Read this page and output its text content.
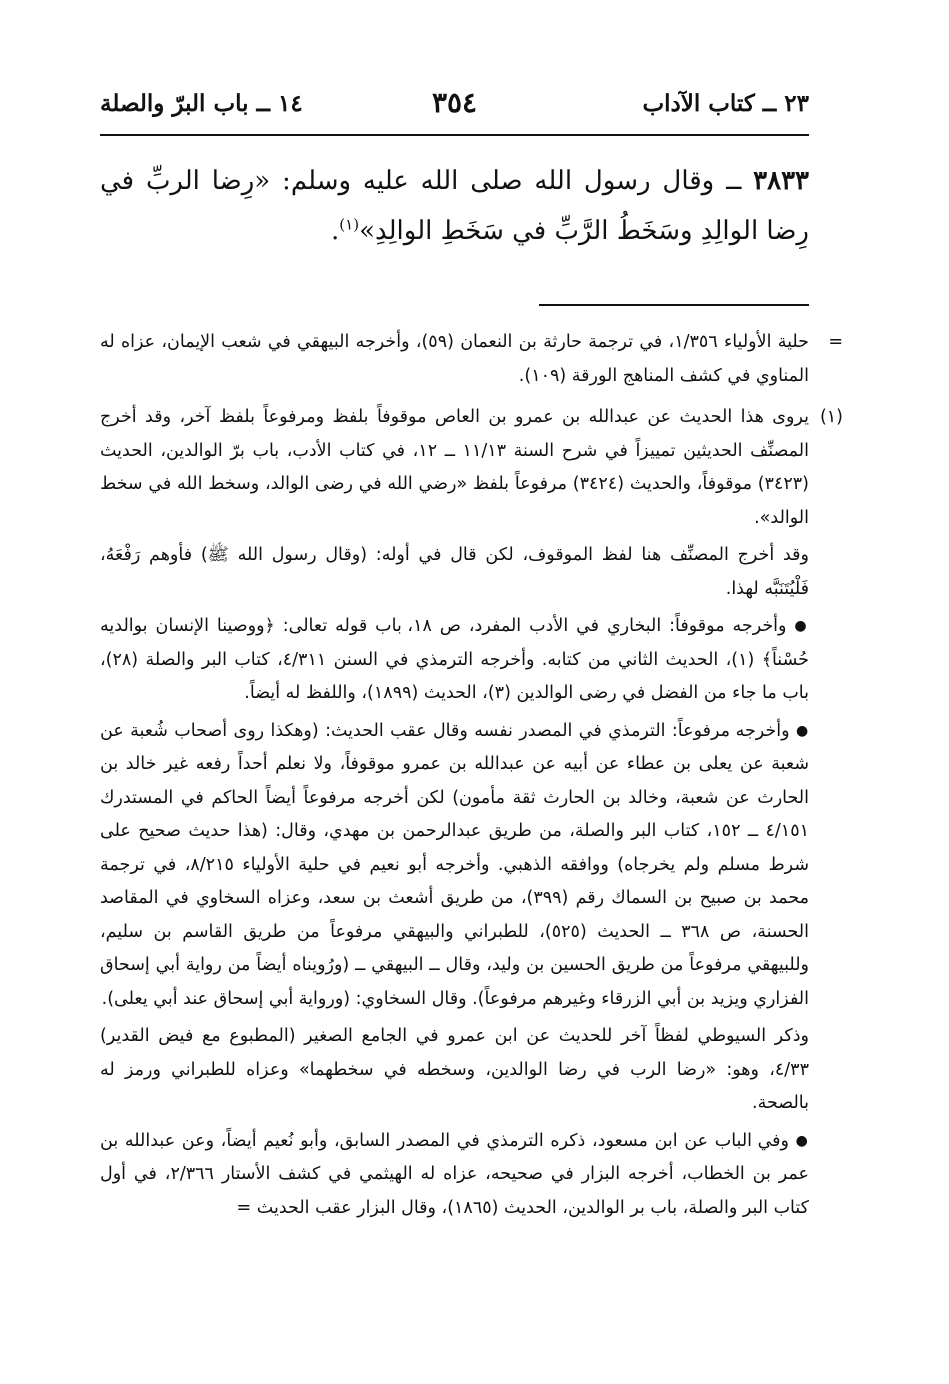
٢٣ ــ كتاب الآداب
٣٥٤
١٤ ــ باب البرّ والصلة
٣٨٣٣ ــ وقال رسول الله صلى الله عليه وسلم: «رِضا الربِّ في رِضا الوالِدِ وسَخَطُ الرَّبِّ في سَخَطِ الوالِدِ»$^{(١)}$.
=
حلية الأولياء ١/٣٥٦، في ترجمة حارثة بن النعمان (٥٩)، وأخرجه البيهقي في شعب الإيمان، عزاه له المناوي في كشف المناهج الورقة (١٠٩).
(١)

يروى هذا الحديث عن عبدالله بن عمرو بن العاص موقوفاً بلفظ ومرفوعاً بلفظ آخر، وقد أخرج المصنِّف الحديثين تمييزاً في شرح السنة ١١/١٣ ــ ١٢، في كتاب الأدب، باب برّ الوالدين، الحديث (٣٤٢٣) موقوفاً، والحديث (٣٤٢٤) مرفوعاً بلفظ «رضي الله في رضى الوالد، وسخط الله في سخط الوالد».

وقد أخرج المصنِّف هنا لفظ الموقوف، لكن قال في أوله: (وقال رسول الله ﷺ) فأوهم رَفْعَهُ، فَلْيُتَنَبَّه لهذا.

● وأخرجه موقوفاً: البخاري في الأدب المفرد، ص ١٨، باب قوله تعالى: ﴿ووصينا الإنسان بوالديه حُسْناً﴾ (١)، الحديث الثاني من كتابه. وأخرجه الترمذي في السنن ٤/٣١١، كتاب البر والصلة (٢٨)، باب ما جاء من الفضل في رضى الوالدين (٣)، الحديث (١٨٩٩)، واللفظ له أيضاً.

● وأخرجه مرفوعاً: الترمذي في المصدر نفسه وقال عقب الحديث: (وهكذا روى أصحاب شُعبة عن شعبة عن يعلى بن عطاء عن أبيه عن عبدالله بن عمرو موقوفاً، ولا نعلم أحداً رفعه غير خالد بن الحارث عن شعبة، وخالد بن الحارث ثقة مأمون) لكن أخرجه مرفوعاً أيضاً الحاكم في المستدرك ٤/١٥١ ــ ١٥٢، كتاب البر والصلة، من طريق عبدالرحمن بن مهدي، وقال: (هذا حديث صحيح على شرط مسلم ولم يخرجاه) ووافقه الذهبي. وأخرجه أبو نعيم في حلية الأولياء ٨/٢١٥، في ترجمة محمد بن صبيح بن السماك رقم (٣٩٩)، من طريق أشعث بن سعد، وعزاه السخاوي في المقاصد الحسنة، ص ٣٦٨ ــ الحديث (٥٢٥)، للطبراني والبيهقي مرفوعاً من طريق القاسم بن سليم، وللبيهقي مرفوعاً من طريق الحسين بن وليد، وقال ــ البيهقي ــ (ورُويناه أيضاً من رواية أبي إسحاق الفزاري ويزيد بن أبي الزرقاء وغيرهم مرفوعاً). وقال السخاوي: (ورواية أبي إسحاق عند أبي يعلى).

وذكر السيوطي لفظاً آخر للحديث عن ابن عمرو في الجامع الصغير (المطبوع مع فيض القدير) ٤/٣٣، وهو: «رضا الرب في رضا الوالدين، وسخطه في سخطهما» وعزاه للطبراني ورمز له بالصحة.

● وفي الباب عن ابن مسعود، ذكره الترمذي في المصدر السابق، وأبو نُعيم أيضاً، وعن عبدالله بن عمر بن الخطاب، أخرجه البزار في صحيحه، عزاه له الهيثمي في كشف الأستار ٢/٣٦٦، في أول كتاب البر والصلة، باب بر الوالدين، الحديث (١٨٦٥)، وقال البزار عقب الحديث =
